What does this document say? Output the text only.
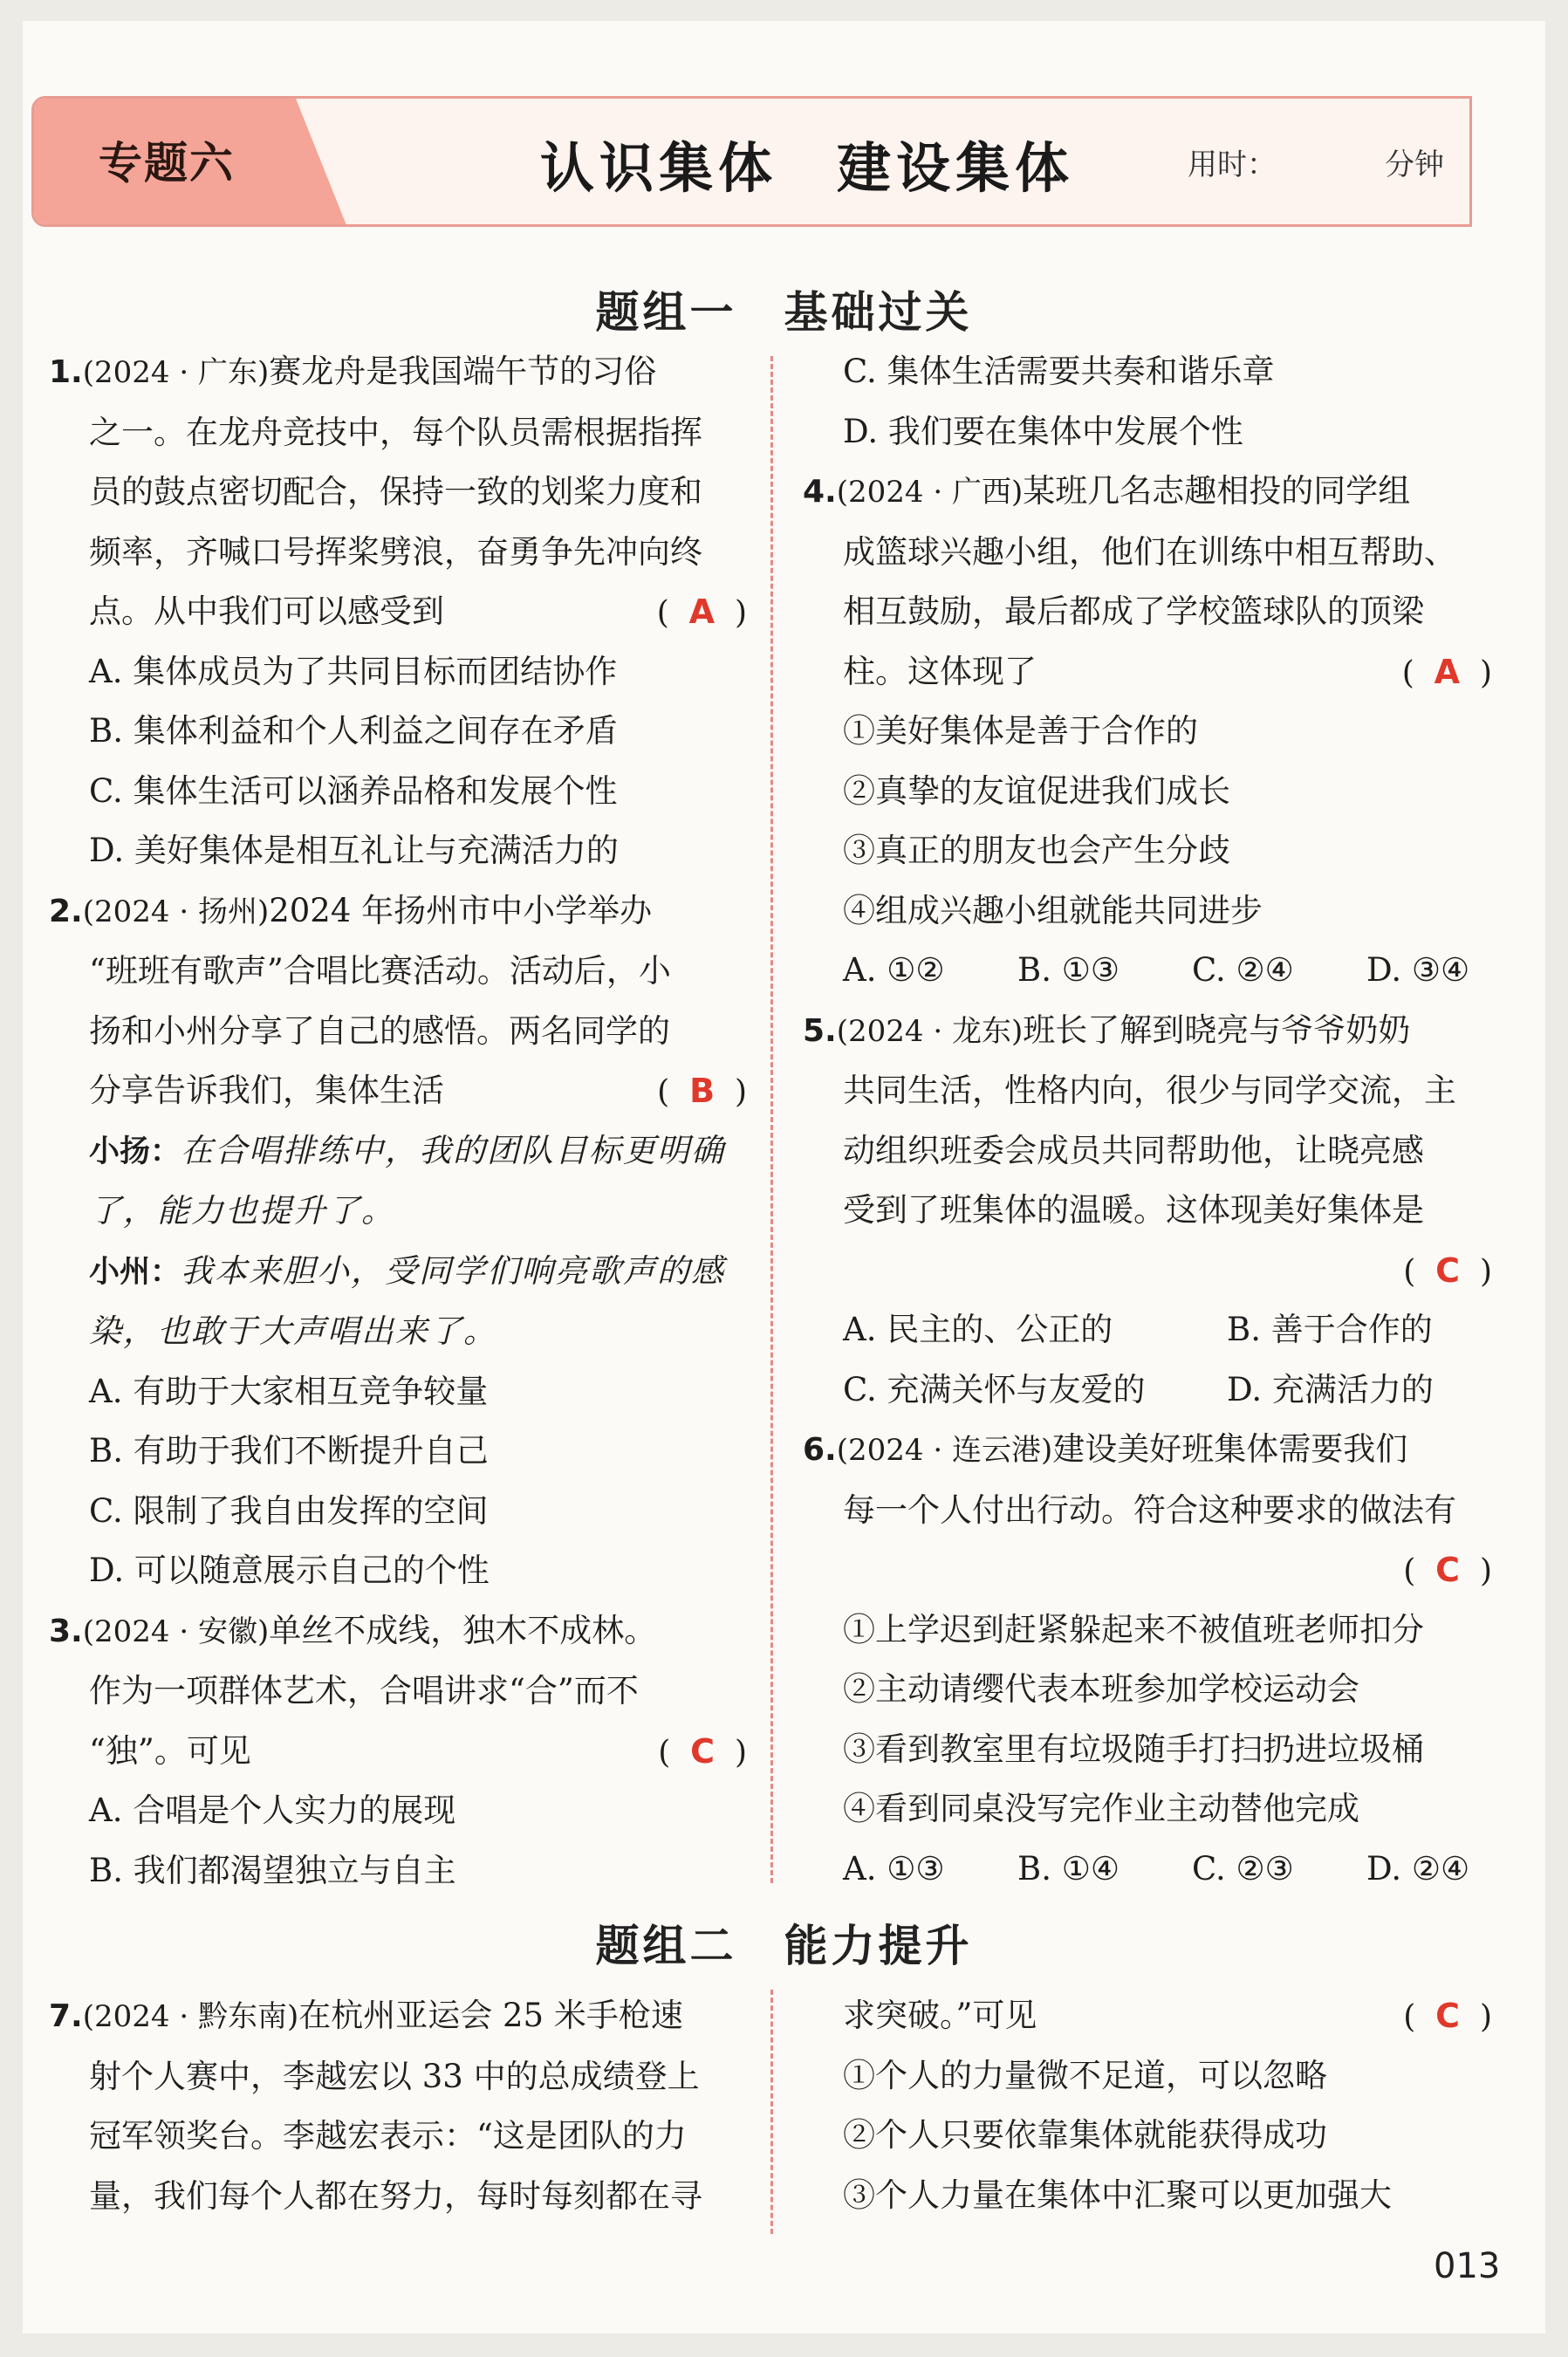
专题六	认识集体　建设集体	用时：	分钟
题组一　基础过关
1.(2024 · 广东)赛龙舟是我国端午节的习俗
之一。在龙舟竞技中，每个队员需根据指挥
员的鼓点密切配合，保持一致的划桨力度和
频率，齐喊口号挥桨劈浪，奋勇争先冲向终
点。从中我们可以感受到	(  A  )
A. 集体成员为了共同目标而团结协作
B. 集体利益和个人利益之间存在矛盾
C. 集体生活可以涵养品格和发展个性
D. 美好集体是相互礼让与充满活力的
2.(2024 · 扬州)2024 年扬州市中小学举办
“班班有歌声”合唱比赛活动。活动后，小
扬和小州分享了自己的感悟。两名同学的
分享告诉我们，集体生活	(  B  )
小扬：在合唱排练中，我的团队目标更明确
了，能力也提升了。
小州：我本来胆小，受同学们响亮歌声的感
染，也敢于大声唱出来了。
A. 有助于大家相互竞争较量
B. 有助于我们不断提升自己
C. 限制了我自由发挥的空间
D. 可以随意展示自己的个性
3.(2024 · 安徽)单丝不成线，独木不成林。
作为一项群体艺术，合唱讲求“合”而不
“独”。可见	(  C  )
A. 合唱是个人实力的展现
B. 我们都渴望独立与自主
C. 集体生活需要共奏和谐乐章
D. 我们要在集体中发展个性
4.(2024 · 广西)某班几名志趣相投的同学组
成篮球兴趣小组，他们在训练中相互帮助、
相互鼓励，最后都成了学校篮球队的顶梁
柱。这体现了	(  A  )
①美好集体是善于合作的
②真挚的友谊促进我们成长
③真正的朋友也会产生分歧
④组成兴趣小组就能共同进步
A. ①② B. ①③ C. ②④ D. ③④
5.(2024 · 龙东)班长了解到晓亮与爷爷奶奶
共同生活，性格内向，很少与同学交流，主
动组织班委会成员共同帮助他，让晓亮感
受到了班集体的温暖。这体现美好集体是
(  C  )
A. 民主的、公正的	B. 善于合作的
C. 充满关怀与友爱的	D. 充满活力的
6.(2024 · 连云港)建设美好班集体需要我们
每一个人付出行动。符合这种要求的做法有
(  C  )
①上学迟到赶紧躲起来不被值班老师扣分
②主动请缨代表本班参加学校运动会
③看到教室里有垃圾随手打扫扔进垃圾桶
④看到同桌没写完作业主动替他完成
A. ①③ B. ①④ C. ②③ D. ②④
题组二　能力提升
7.(2024 · 黔东南)在杭州亚运会 25 米手枪速
射个人赛中，李越宏以 33 中的总成绩登上
冠军领奖台。李越宏表示：“这是团队的力
量，我们每个人都在努力，每时每刻都在寻
求突破。”可见	(  C  )
①个人的力量微不足道，可以忽略
②个人只要依靠集体就能获得成功
③个人力量在集体中汇聚可以更加强大
013
